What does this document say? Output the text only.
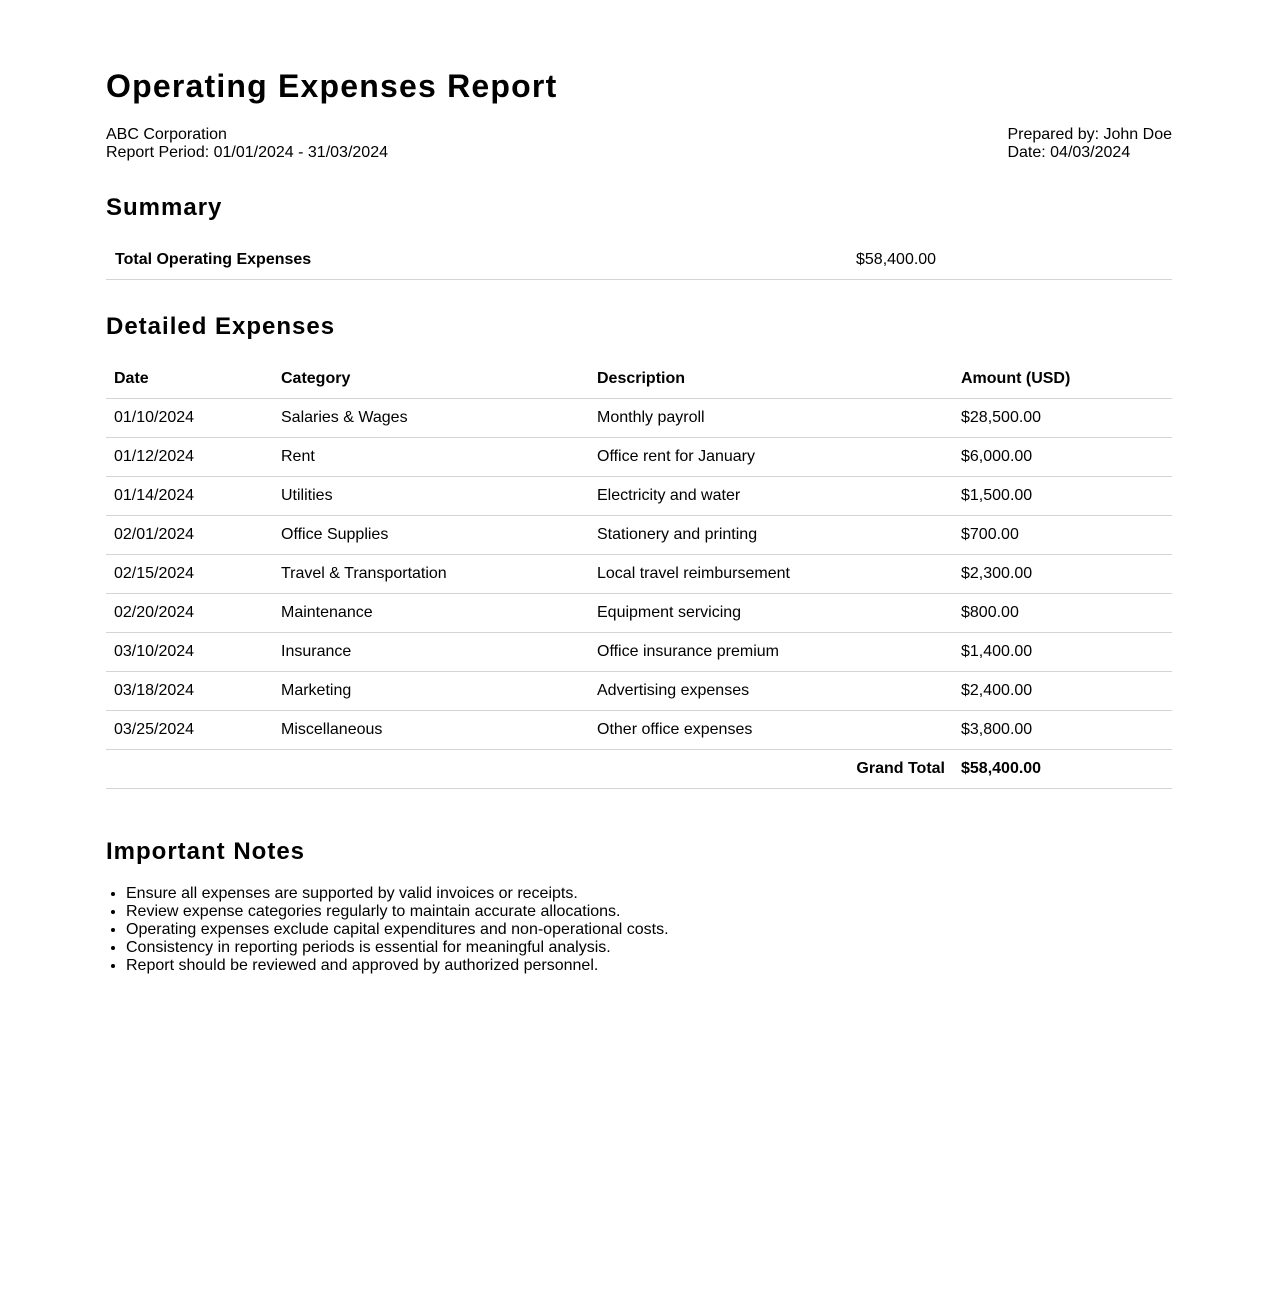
Operating Expenses Report
ABC Corporation
Report Period: 01/01/2024 - 31/03/2024
Prepared by: John Doe
Date: 04/03/2024
Summary
Total Operating Expenses	$58,400.00
Detailed Expenses
Date	Category	Description	Amount (USD)
01/10/2024	Salaries & Wages	Monthly payroll	$28,500.00
01/12/2024	Rent	Office rent for January	$6,000.00
01/14/2024	Utilities	Electricity and water	$1,500.00
02/01/2024	Office Supplies	Stationery and printing	$700.00
02/15/2024	Travel & Transportation	Local travel reimbursement	$2,300.00
02/20/2024	Maintenance	Equipment servicing	$800.00
03/10/2024	Insurance	Office insurance premium	$1,400.00
03/18/2024	Marketing	Advertising expenses	$2,400.00
03/25/2024	Miscellaneous	Other office expenses	$3,800.00
Grand Total			$58,400.00
Important Notes
• Ensure all expenses are supported by valid invoices or receipts.
• Review expense categories regularly to maintain accurate allocations.
• Operating expenses exclude capital expenditures and non-operational costs.
• Consistency in reporting periods is essential for meaningful analysis.
• Report should be reviewed and approved by authorized personnel.
